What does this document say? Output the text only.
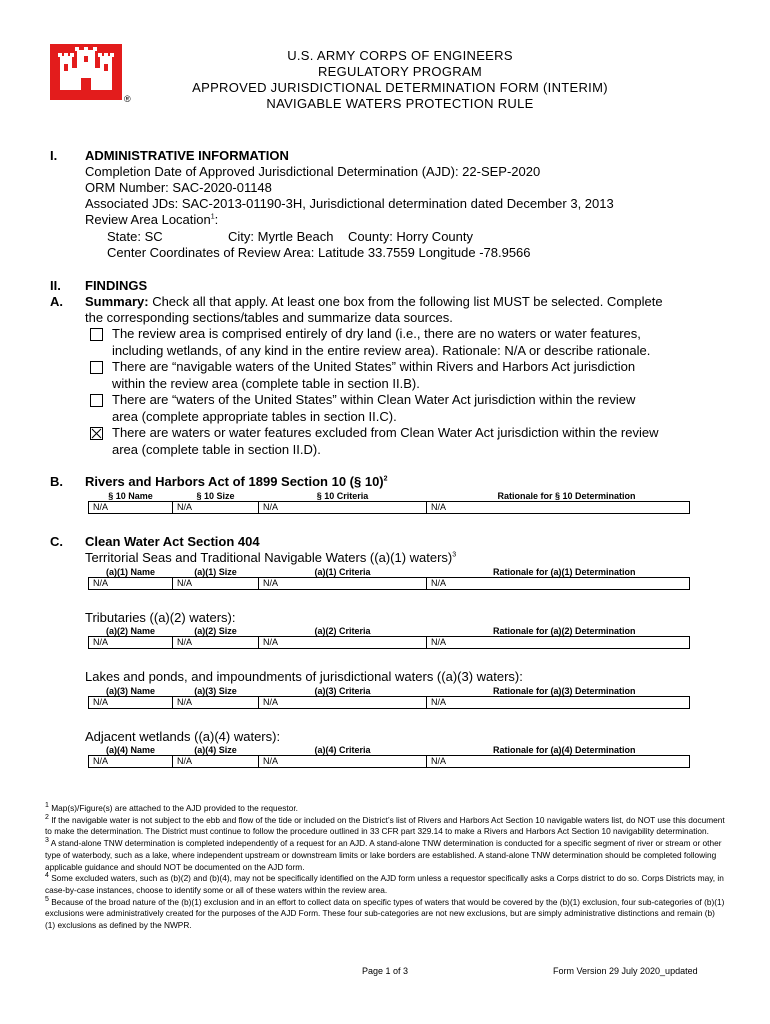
®
U.S. ARMY CORPS OF ENGINEERS
REGULATORY PROGRAM
APPROVED JURISDICTIONAL DETERMINATION FORM (INTERIM)
NAVIGABLE WATERS PROTECTION RULE
I. ADMINISTRATIVE INFORMATION
Completion Date of Approved Jurisdictional Determination (AJD): 22-SEP-2020
ORM Number: SAC-2020-01148
Associated JDs: SAC-2013-01190-3H, Jurisdictional determination dated December 3, 2013
Review Area Location$^1$:
State: SC	City: Myrtle Beach County: Horry County
Center Coordinates of Review Area: Latitude 33.7559 Longitude -78.9566
II. FINDINGS
A. Summary: Check all that apply. At least one box from the following list MUST be selected. Complete
the corresponding sections/tables and summarize data sources.
The review area is comprised entirely of dry land (i.e., there are no waters or water features,
including wetlands, of any kind in the entire review area). Rationale: N/A or describe rationale.
There are “navigable waters of the United States” within Rivers and Harbors Act jurisdiction
within the review area (complete table in section II.B).
There are “waters of the United States” within Clean Water Act jurisdiction within the review
area (complete appropriate tables in section II.C).
There are waters or water features excluded from Clean Water Act jurisdiction within the review
area (complete table in section II.D).
B. Rivers and Harbors Act of 1899 Section 10 (§ 10)$^2$
§ 10 Name	§ 10 Size	§ 10 Criteria	Rationale for § 10 Determination
N/A	N/A	N/A	N/A
C. Clean Water Act Section 404
Territorial Seas and Traditional Navigable Waters ((a)(1) waters)$^3$
(a)(1) Name	(a)(1) Size	(a)(1) Criteria	Rationale for (a)(1) Determination
N/A	N/A	N/A	N/A
Tributaries ((a)(2) waters):
(a)(2) Name	(a)(2) Size	(a)(2) Criteria	Rationale for (a)(2) Determination
N/A	N/A	N/A	N/A
Lakes and ponds, and impoundments of jurisdictional waters ((a)(3) waters):
(a)(3) Name	(a)(3) Size	(a)(3) Criteria	Rationale for (a)(3) Determination
N/A	N/A	N/A	N/A
Adjacent wetlands ((a)(4) waters):
(a)(4) Name	(a)(4) Size	(a)(4) Criteria	Rationale for (a)(4) Determination
N/A	N/A	N/A	N/A

$^1$ Map(s)/Figure(s) are attached to the AJD provided to the requestor.

$^2$ If the navigable water is not subject to the ebb and flow of the tide or included on the District’s list of Rivers and Harbors Act Section 10 navigable waters list, do NOT use this document to make the determination. The District must continue to follow the procedure outlined in 33 CFR part 329.14 to make a Rivers and Harbors Act Section 10 navigability determination.

$^3$ A stand-alone TNW determination is completed independently of a request for an AJD. A stand-alone TNW determination is conducted for a specific segment of river or stream or other type of waterbody, such as a lake, where independent upstream or downstream limits or lake borders are established. A stand-alone TNW determination should be completed following applicable guidance and should NOT be documented on the AJD form.

$^4$ Some excluded waters, such as (b)(2) and (b)(4), may not be specifically identified on the AJD form unless a requestor specifically asks a Corps district to do so. Corps Districts may, in case-by-case instances, choose to identify some or all of these waters within the review area.

$^5$ Because of the broad nature of the (b)(1) exclusion and in an effort to collect data on specific types of waters that would be covered by the (b)(1) exclusion, four sub-categories of (b)(1) exclusions were administratively created for the purposes of the AJD Form. These four sub-categories are not new exclusions, but are simply administrative distinctions and remain (b)(1) exclusions as defined by the NWPR.

Page 1 of 3	Form Version 29 July 2020_updated
